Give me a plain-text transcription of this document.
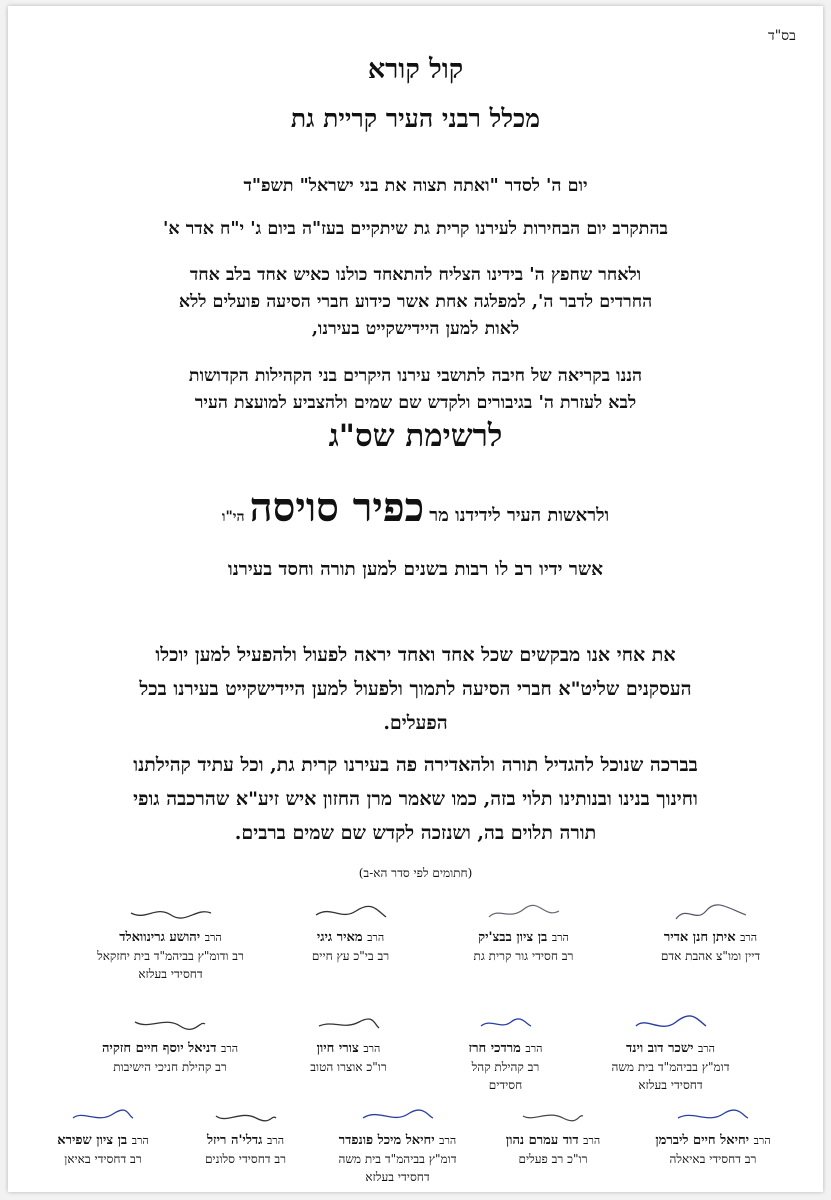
בס"ד
קול קורא
מכלל רבני העיר קריית גת
יום ה' לסדר "ואתה תצוה את בני ישראל" תשפ"ד
בהתקרב יום הבחירות לעירנו קרית גת שיתקיים בעז"ה ביום ג' י"ח אדר א'
ולאחר שחפץ ה' בידינו הצליח להתאחד כולנו כאיש אחד בלב אחד
החרדים לדבר ה', למפלגה אחת אשר כידוע חברי הסיעה פועלים ללא
לאות למען היידישקייט בעירנו,
הננו בקריאה של חיבה לתושבי עירנו היקרים בני הקהילות הקדושות
לבא לעזרת ה' בגיבורים ולקדש שם שמים ולהצביע למועצת העיר
לרשימת שס"ג
ולראשות העיר לידידנו מר כפיר סויסה הי"ו
אשר ידיו רב לו רבות בשנים למען תורה וחסד בעירנו
את אחי אנו מבקשים שכל אחד ואחד יראה לפעול ולהפעיל למען יוכלו
העסקנים שליט"א חברי הסיעה לתמוך ולפעול למען היידישקייט בעירנו בכל
הפעלים.
בברכה שנוכל להגדיל תורה ולהאדירה פה בעירנו קרית גת, וכל עתיד קהילתנו
וחינוך בנינו ובנותינו תלוי בזה, כמו שאמר מרן החזון איש זיע"א שהרכבה גופי
תורה תלוים בה, ושנזכה לקדש שם שמים ברבים.
(חתומים לפי סדר הא-ב)
הרב איתן חנן אדיר
דיין ומו"צ אהבת אדם
הרב בן ציון בבצ'יק
רב חסידי גור קרית גת
הרב מאיר גיגי
רב בי"כ עץ חיים
הרב יהושע גרינוואלד
רב ודומ"ץ בביהמ"ד בית יחזקאל
דחסידי בעלזא
הרב ישכר דוב וינד
דומ"ץ בביהמ"ד בית משה
דחסידי בעלזא
הרב מרדכי חרז
רב קהילת קהל
חסידים
הרב צורי חיון
רו"כ אוצרו הטוב
הרב דניאל יוסף חיים חזקיה
רב קהילת חניכי הישיבות
הרב יחיאל חיים ליברמן
רב דחסידי באיאלה
הרב דוד עמרם נהון
רו"כ רב פעלים
הרב יחיאל מיכל פונפדר
דומ"ץ בביהמ"ד בית משה
דחסידי בעלזא
הרב גדלי'ה ריזל
רב דחסידי סלונים
הרב בן ציון שפירא
רב דחסידי באיאן
